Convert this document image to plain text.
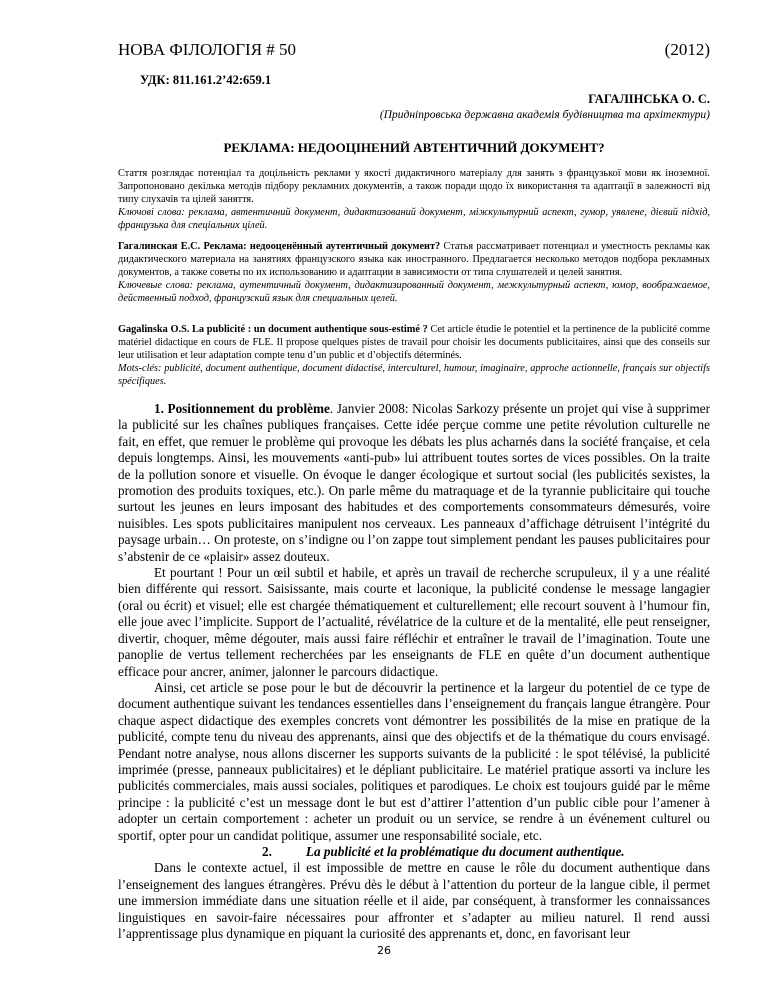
НОВА ФІЛОЛОГІЯ # 50	(2012)
УДК: 811.161.2’42:659.1
ГАГАЛІНСЬКА О. С.
(Придніпровська державна академія будівництва та архітектури)
РЕКЛАМА: НЕДООЦІНЕНИЙ АВТЕНТИЧНИЙ ДОКУМЕНТ?

Стаття розглядає потенціал та доцільність реклами у якості дидактичного матеріалу для занять з французької мови як іноземної. Запропоновано декілька методів підбору рекламних документів, а також поради щодо їх використання та адаптації в залежності від типу слухачів та цілей заняття.

Ключові слова: реклама, автентичний документ, дидактизований документ, міжкультурний аспект, гумор, уявлене, дієвий підхід, французька для спеціальних цілей.

Гагалинская Е.С. Реклама: недооценённый аутентичный документ? Статья рассматривает потенциал и уместность рекламы как дидактического материала на занятиях французского языка как иностранного. Предлагается несколько методов подбора рекламных документов, а также советы по их использованию и адаптации в зависимости от типа слушателей и целей занятия.

Ключевые слова: реклама, аутентичный документ, дидактизированный документ, межкультурный аспект, юмор, воображаемое, действенный подход, французский язык для специальных целей.

Gagalinska O.S. La publicité : un document authentique sous-estimé ? Cet article étudie le potentiel et la pertinence de la publicité comme matériel didactique en cours de FLE. Il propose quelques pistes de travail pour choisir les documents publicitaires, ainsi que des conseils sur leur utilisation et leur adaptation compte tenu d’un public et d’objectifs déterminés.

Mots-clés: publicité, document authentique, document didactisé, interculturel, humour, imaginaire, approche actionnelle, français sur objectifs spécifiques.

1. Positionnement du problème. Janvier 2008: Nicolas Sarkozy présente un projet qui vise à supprimer la publicité sur les chaînes publiques françaises. Cette idée perçue comme une petite révolution culturelle ne fait, en effet, que remuer le problème qui provoque les débats les plus acharnés dans la société française, et cela depuis longtemps. Ainsi, les mouvements «anti-pub» lui attribuent toutes sortes de vices possibles. On la traite de la pollution sonore et visuelle. On évoque le danger écologique et surtout social (les publicités sexistes, la promotion des produits toxiques, etc.). On parle même du matraquage et de la tyrannie publicitaire qui touche surtout les jeunes en leurs imposant des habitudes et des comportements consommateurs démesurés, voire nuisibles. Les spots publicitaires manipulent nos cerveaux. Les panneaux d’affichage détruisent l’intégrité du paysage urbain… On proteste, on s’indigne ou l’on zappe tout simplement pendant les pauses publicitaires pour s’abstenir de ce «plaisir» assez douteux.

Et pourtant ! Pour un œil subtil et habile, et après un travail de recherche scrupuleux, il y a une réalité bien différente qui ressort. Saisissante, mais courte et laconique, la publicité condense le message langagier (oral ou écrit) et visuel; elle est chargée thématiquement et culturellement; elle recourt souvent à l’humour fin, elle joue avec l’implicite. Support de l’actualité, révélatrice de la culture et de la mentalité, elle peut renseigner, divertir, choquer, même dégouter, mais aussi faire réfléchir et entraîner le travail de l’imagination. Toute une panoplie de vertus tellement recherchées par les enseignants de FLE en quête d’un document authentique efficace pour ancrer, animer, jalonner le parcours didactique.

Ainsi, cet article se pose pour le but de découvrir la pertinence et la largeur du potentiel de ce type de document authentique suivant les tendances essentielles dans l’enseignement du français langue étrangère. Pour chaque aspect didactique des exemples concrets vont démontrer les possibilités de la mise en pratique de la publicité, compte tenu du niveau des apprenants, ainsi que des objectifs et de la thématique du cours envisagé. Pendant notre analyse, nous allons discerner les supports suivants de la publicité : le spot télévisé, la publicité imprimée (presse, panneaux publicitaires) et le dépliant publicitaire. Le matériel pratique assorti va inclure les publicités commerciales, mais aussi sociales, politiques et parodiques. Le choix est toujours guidé par le même principe : la publicité c’est un message dont le but est d’attirer l’attention d’un public cible pour l’amener à adopter un certain comportement : acheter un produit ou un service, se rendre à un événement culturel ou sportif, opter pour un candidat politique, assumer une responsabilité sociale, etc.

2.	La publicité et la problématique du document authentique.

Dans le contexte actuel, il est impossible de mettre en cause le rôle du document authentique dans l’enseignement des langues étrangères. Prévu dès le début à l’attention du porteur de la langue cible, il permet une immersion immédiate dans une situation réelle et il aide, par conséquent, à transformer les connaissances linguistiques en savoir-faire nécessaires pour affronter et s’adapter au milieu naturel. Il rend aussi l’apprentissage plus dynamique en piquant la curiosité des apprenants et, donc, en favorisant leur

26
